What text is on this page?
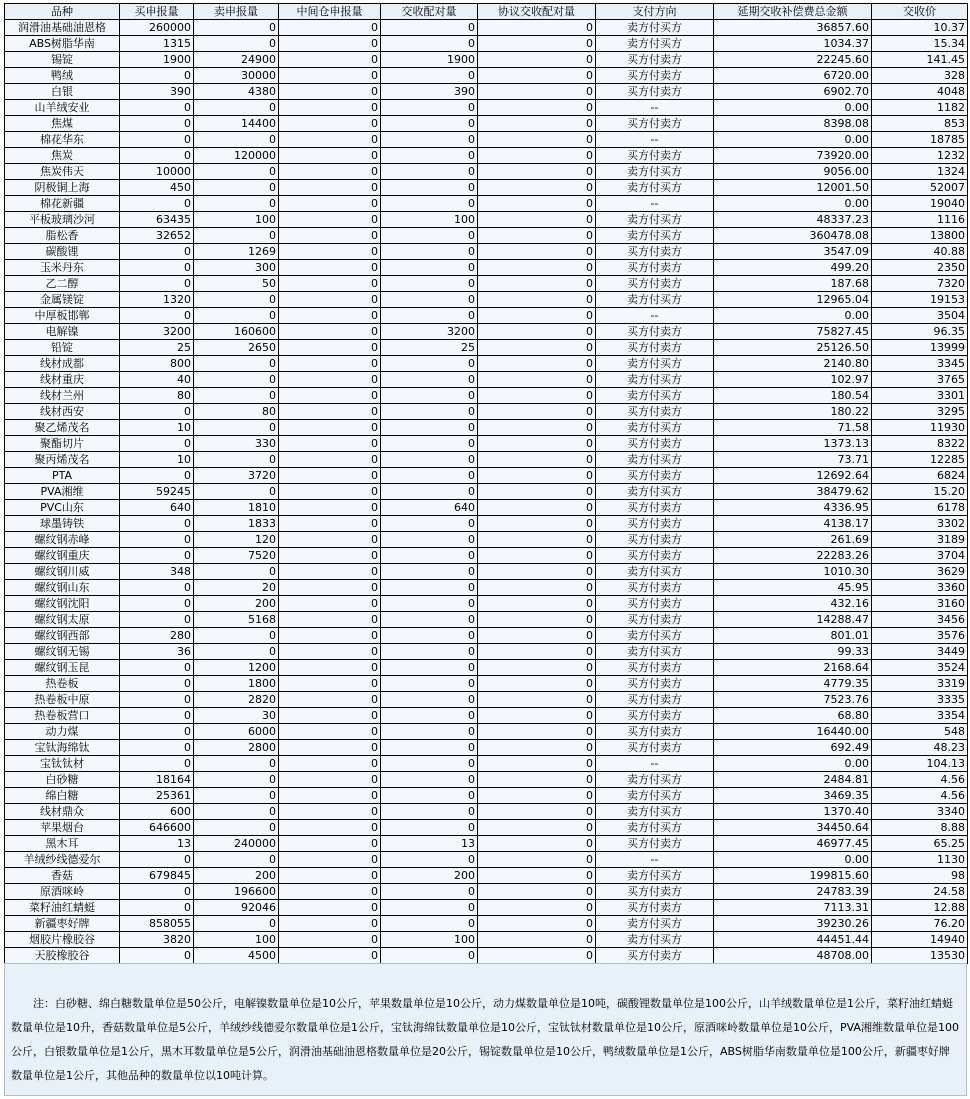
品种	买申报量	卖申报量	中间仓申报量	交收配对量	协议交收配对量	支付方向	延期交收补偿费总金额	交收价
润滑油基础油恩格	260000	0	0	0	0	卖方付买方	36857.60	10.37
ABS树脂华南	1315	0	0	0	0	卖方付买方	1034.37	15.34
锡锭	1900	24900	0	1900	0	买方付卖方	22245.60	141.45
鸭绒	0	30000	0	0	0	买方付卖方	6720.00	328
白银	390	4380	0	390	0	买方付卖方	6902.70	4048
山羊绒安业	0	0	0	0	0	--	0.00	1182
焦煤	0	14400	0	0	0	买方付卖方	8398.08	853
棉花华东	0	0	0	0	0	--	0.00	18785
焦炭	0	120000	0	0	0	买方付卖方	73920.00	1232
焦炭伟天	10000	0	0	0	0	卖方付买方	9056.00	1324
阴极铜上海	450	0	0	0	0	卖方付买方	12001.50	52007
棉花新疆	0	0	0	0	0	--	0.00	19040
平板玻璃沙河	63435	100	0	100	0	卖方付买方	48337.23	1116
脂松香	32652	0	0	0	0	卖方付买方	360478.08	13800
碳酸锂	0	1269	0	0	0	买方付卖方	3547.09	40.88
玉米丹东	0	300	0	0	0	买方付卖方	499.20	2350
乙二醇	0	50	0	0	0	买方付卖方	187.68	7320
金属镁锭	1320	0	0	0	0	卖方付买方	12965.04	19153
中厚板邯郸	0	0	0	0	0	--	0.00	3504
电解镍	3200	160600	0	3200	0	买方付卖方	75827.45	96.35
铅锭	25	2650	0	25	0	买方付卖方	25126.50	13999
线材成都	800	0	0	0	0	卖方付买方	2140.80	3345
线材重庆	40	0	0	0	0	卖方付买方	102.97	3765
线材兰州	80	0	0	0	0	卖方付买方	180.54	3301
线材西安	0	80	0	0	0	买方付卖方	180.22	3295
聚乙烯茂名	10	0	0	0	0	卖方付买方	71.58	11930
聚酯切片	0	330	0	0	0	买方付卖方	1373.13	8322
聚丙烯茂名	10	0	0	0	0	卖方付买方	73.71	12285
PTA	0	3720	0	0	0	买方付卖方	12692.64	6824
PVA湘维	59245	0	0	0	0	卖方付买方	38479.62	15.20
PVC山东	640	1810	0	640	0	买方付卖方	4336.95	6178
球墨铸铁	0	1833	0	0	0	买方付卖方	4138.17	3302
螺纹钢赤峰	0	120	0	0	0	买方付卖方	261.69	3189
螺纹钢重庆	0	7520	0	0	0	买方付卖方	22283.26	3704
螺纹钢川威	348	0	0	0	0	卖方付买方	1010.30	3629
螺纹钢山东	0	20	0	0	0	买方付卖方	45.95	3360
螺纹钢沈阳	0	200	0	0	0	买方付卖方	432.16	3160
螺纹钢太原	0	5168	0	0	0	买方付卖方	14288.47	3456
螺纹钢西部	280	0	0	0	0	卖方付买方	801.01	3576
螺纹钢无锡	36	0	0	0	0	卖方付买方	99.33	3449
螺纹钢玉昆	0	1200	0	0	0	买方付卖方	2168.64	3524
热卷板	0	1800	0	0	0	买方付卖方	4779.35	3319
热卷板中原	0	2820	0	0	0	买方付卖方	7523.76	3335
热卷板营口	0	30	0	0	0	买方付卖方	68.80	3354
动力煤	0	6000	0	0	0	买方付卖方	16440.00	548
宝钛海绵钛	0	2800	0	0	0	买方付卖方	692.49	48.23
宝钛钛材	0	0	0	0	0	--	0.00	104.13
白砂糖	18164	0	0	0	0	卖方付买方	2484.81	4.56
绵白糖	25361	0	0	0	0	卖方付买方	3469.35	4.56
线材鼎众	600	0	0	0	0	卖方付买方	1370.40	3340
苹果烟台	646600	0	0	0	0	卖方付买方	34450.64	8.88
黑木耳	13	240000	0	13	0	买方付卖方	46977.45	65.25
羊绒纱线德爱尔	0	0	0	0	0	--	0.00	1130
香菇	679845	200	0	200	0	卖方付买方	199815.60	98
原酒咪岭	0	196600	0	0	0	买方付卖方	24783.39	24.58
菜籽油红蜻蜓	0	92046	0	0	0	买方付卖方	7113.31	12.88
新疆枣好牌	858055	0	0	0	0	卖方付买方	39230.26	76.20
烟胶片橡胶谷	3820	100	0	100	0	卖方付买方	44451.44	14940
天胶橡胶谷	0	4500	0	0	0	买方付卖方	48708.00	13530
注：白砂糖、绵白糖数量单位是50公斤，电解镍数量单位是10公斤，苹果数量单位是10公斤，动力煤数量单位是10吨，碳酸锂数量单位是100公斤，山羊绒数量单位是1公斤，菜籽油红蜻蜓数量单位是10升，香菇数量单位是5公斤，羊绒纱线德爱尔数量单位是1公斤，宝钛海绵钛数量单位是10公斤，宝钛钛材数量单位是10公斤，原酒咪岭数量单位是10公斤，PVA湘维数量单位是100公斤，白银数量单位是1公斤，黑木耳数量单位是5公斤，润滑油基础油恩格数量单位是20公斤，锡锭数量单位是10公斤，鸭绒数量单位是1公斤，ABS树脂华南数量单位是100公斤，新疆枣好牌数量单位是1公斤，其他品种的数量单位以10吨计算。
